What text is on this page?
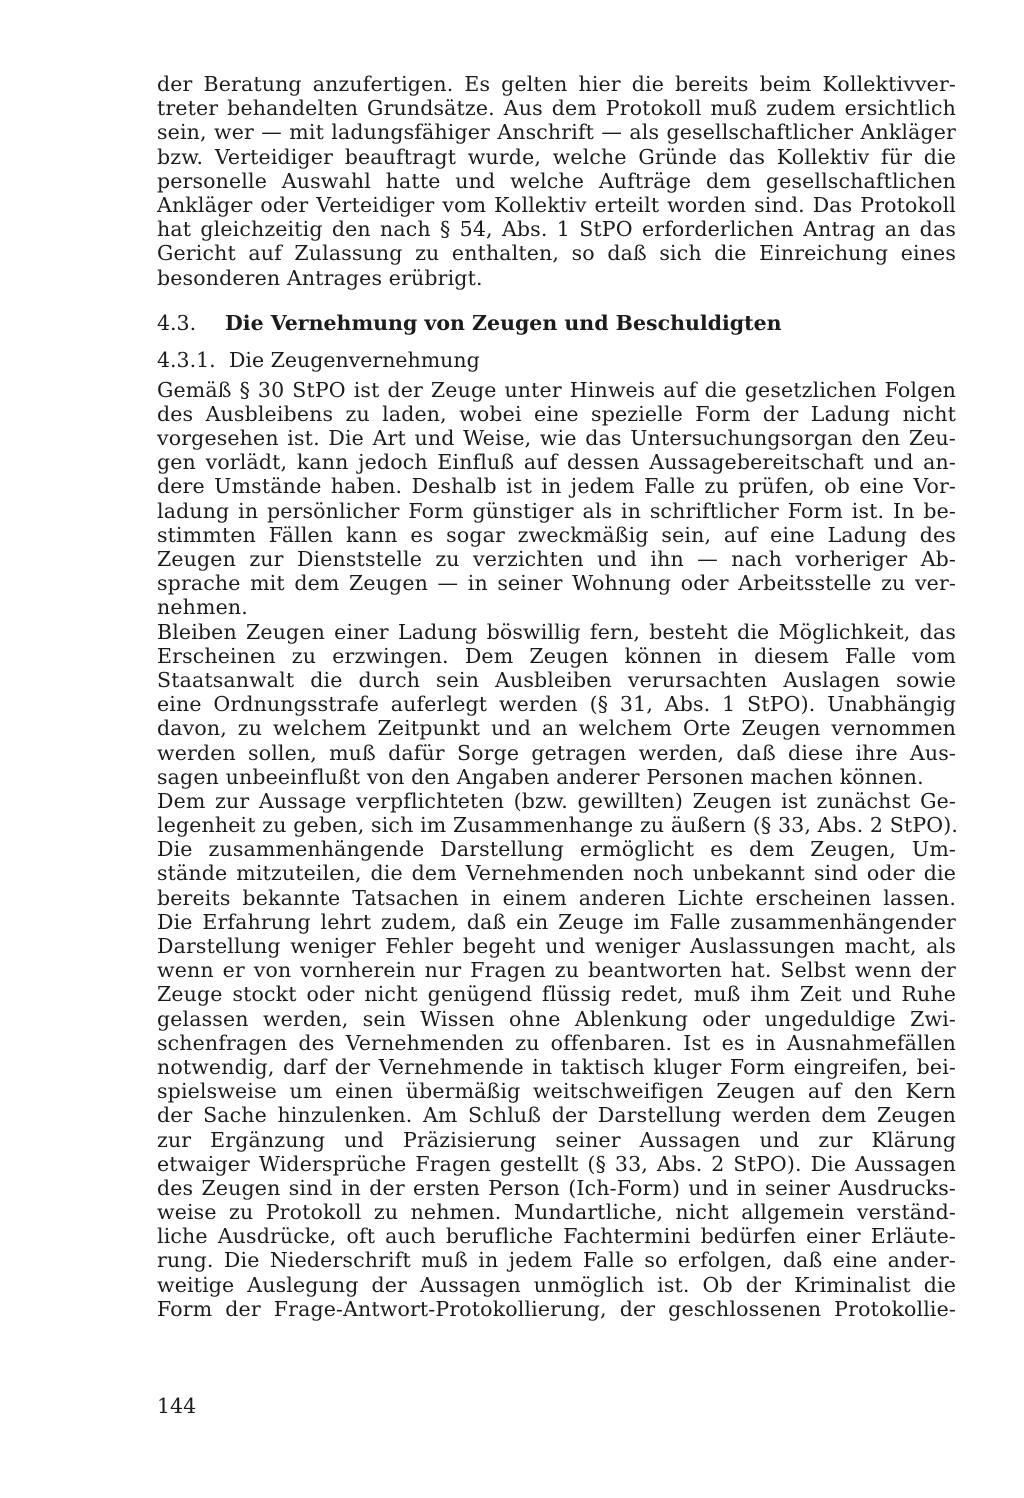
der Beratung anzufertigen. Es gelten hier die bereits beim Kollektivver-
treter behandelten Grundsätze. Aus dem Protokoll muß zudem ersichtlich
sein, wer — mit ladungsfähiger Anschrift — als gesellschaftlicher Ankläger
bzw. Verteidiger beauftragt wurde, welche Gründe das Kollektiv für die
personelle Auswahl hatte und welche Aufträge dem gesellschaftlichen
Ankläger oder Verteidiger vom Kollektiv erteilt worden sind. Das Protokoll
hat gleichzeitig den nach § 54, Abs. 1 StPO erforderlichen Antrag an das
Gericht auf Zulassung zu enthalten, so daß sich die Einreichung eines
besonderen Antrages erübrigt.
4.3. Die Vernehmung von Zeugen und Beschuldigten
4.3.1. Die Zeugenvernehmung
Gemäß § 30 StPO ist der Zeuge unter Hinweis auf die gesetzlichen Folgen
des Ausbleibens zu laden, wobei eine spezielle Form der Ladung nicht
vorgesehen ist. Die Art und Weise, wie das Untersuchungsorgan den Zeu-
gen vorlädt, kann jedoch Einfluß auf dessen Aussagebereitschaft und an-
dere Umstände haben. Deshalb ist in jedem Falle zu prüfen, ob eine Vor-
ladung in persönlicher Form günstiger als in schriftlicher Form ist. In be-
stimmten Fällen kann es sogar zweckmäßig sein, auf eine Ladung des
Zeugen zur Dienststelle zu verzichten und ihn — nach vorheriger Ab-
sprache mit dem Zeugen — in seiner Wohnung oder Arbeitsstelle zu ver-
nehmen.
Bleiben Zeugen einer Ladung böswillig fern, besteht die Möglichkeit, das
Erscheinen zu erzwingen. Dem Zeugen können in diesem Falle vom
Staatsanwalt die durch sein Ausbleiben verursachten Auslagen sowie
eine Ordnungsstrafe auferlegt werden (§ 31, Abs. 1 StPO). Unabhängig
davon, zu welchem Zeitpunkt und an welchem Orte Zeugen vernommen
werden sollen, muß dafür Sorge getragen werden, daß diese ihre Aus-
sagen unbeeinflußt von den Angaben anderer Personen machen können.
Dem zur Aussage verpflichteten (bzw. gewillten) Zeugen ist zunächst Ge-
legenheit zu geben, sich im Zusammenhange zu äußern (§ 33, Abs. 2 StPO).
Die zusammenhängende Darstellung ermöglicht es dem Zeugen, Um-
stände mitzuteilen, die dem Vernehmenden noch unbekannt sind oder die
bereits bekannte Tatsachen in einem anderen Lichte erscheinen lassen.
Die Erfahrung lehrt zudem, daß ein Zeuge im Falle zusammenhängender
Darstellung weniger Fehler begeht und weniger Auslassungen macht, als
wenn er von vornherein nur Fragen zu beantworten hat. Selbst wenn der
Zeuge stockt oder nicht genügend flüssig redet, muß ihm Zeit und Ruhe
gelassen werden, sein Wissen ohne Ablenkung oder ungeduldige Zwi-
schenfragen des Vernehmenden zu offenbaren. Ist es in Ausnahmefällen
notwendig, darf der Vernehmende in taktisch kluger Form eingreifen, bei-
spielsweise um einen übermäßig weitschweifigen Zeugen auf den Kern
der Sache hinzulenken. Am Schluß der Darstellung werden dem Zeugen
zur Ergänzung und Präzisierung seiner Aussagen und zur Klärung
etwaiger Widersprüche Fragen gestellt (§ 33, Abs. 2 StPO). Die Aussagen
des Zeugen sind in der ersten Person (Ich-Form) und in seiner Ausdrucks-
weise zu Protokoll zu nehmen. Mundartliche, nicht allgemein verständ-
liche Ausdrücke, oft auch berufliche Fachtermini bedürfen einer Erläute-
rung. Die Niederschrift muß in jedem Falle so erfolgen, daß eine ander-
weitige Auslegung der Aussagen unmöglich ist. Ob der Kriminalist die
Form der Frage-Antwort-Protokollierung, der geschlossenen Protokollie-
144
